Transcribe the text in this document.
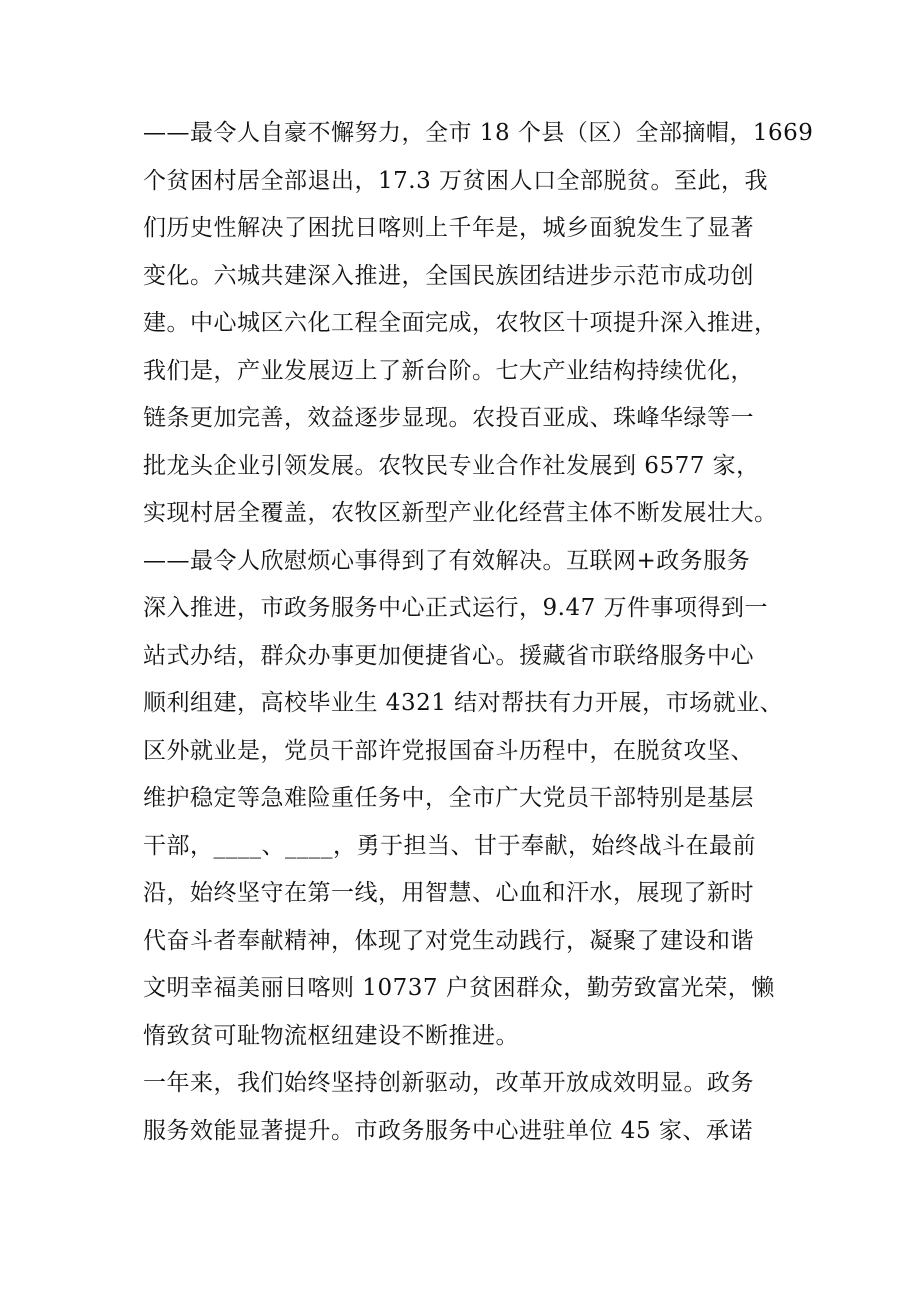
——最令人自豪不懈努力，全市 18 个县（区）全部摘帽，1669
个贫困村居全部退出，17.3 万贫困人口全部脱贫。至此，我
们历史性解决了困扰日喀则上千年是，城乡面貌发生了显著
变化。六城共建深入推进，全国民族团结进步示范市成功创
建。中心城区六化工程全面完成，农牧区十项提升深入推进，
我们是，产业发展迈上了新台阶。七大产业结构持续优化，
链条更加完善，效益逐步显现。农投百亚成、珠峰华绿等一
批龙头企业引领发展。农牧民专业合作社发展到 6577 家，
实现村居全覆盖，农牧区新型产业化经营主体不断发展壮大。
——最令人欣慰烦心事得到了有效解决。互联网+政务服务
深入推进，市政务服务中心正式运行，9.47 万件事项得到一
站式办结，群众办事更加便捷省心。援藏省市联络服务中心
顺利组建，高校毕业生 4321 结对帮扶有力开展，市场就业、
区外就业是，党员干部许党报国奋斗历程中，在脱贫攻坚、
维护稳定等急难险重任务中，全市广大党员干部特别是基层
干部，____、____，勇于担当、甘于奉献，始终战斗在最前
沿，始终坚守在第一线，用智慧、心血和汗水，展现了新时
代奋斗者奉献精神，体现了对党生动践行，凝聚了建设和谐
文明幸福美丽日喀则 10737 户贫困群众，勤劳致富光荣，懒
惰致贫可耻物流枢纽建设不断推进。
一年来，我们始终坚持创新驱动，改革开放成效明显。政务
服务效能显著提升。市政务服务中心进驻单位 45 家、承诺
